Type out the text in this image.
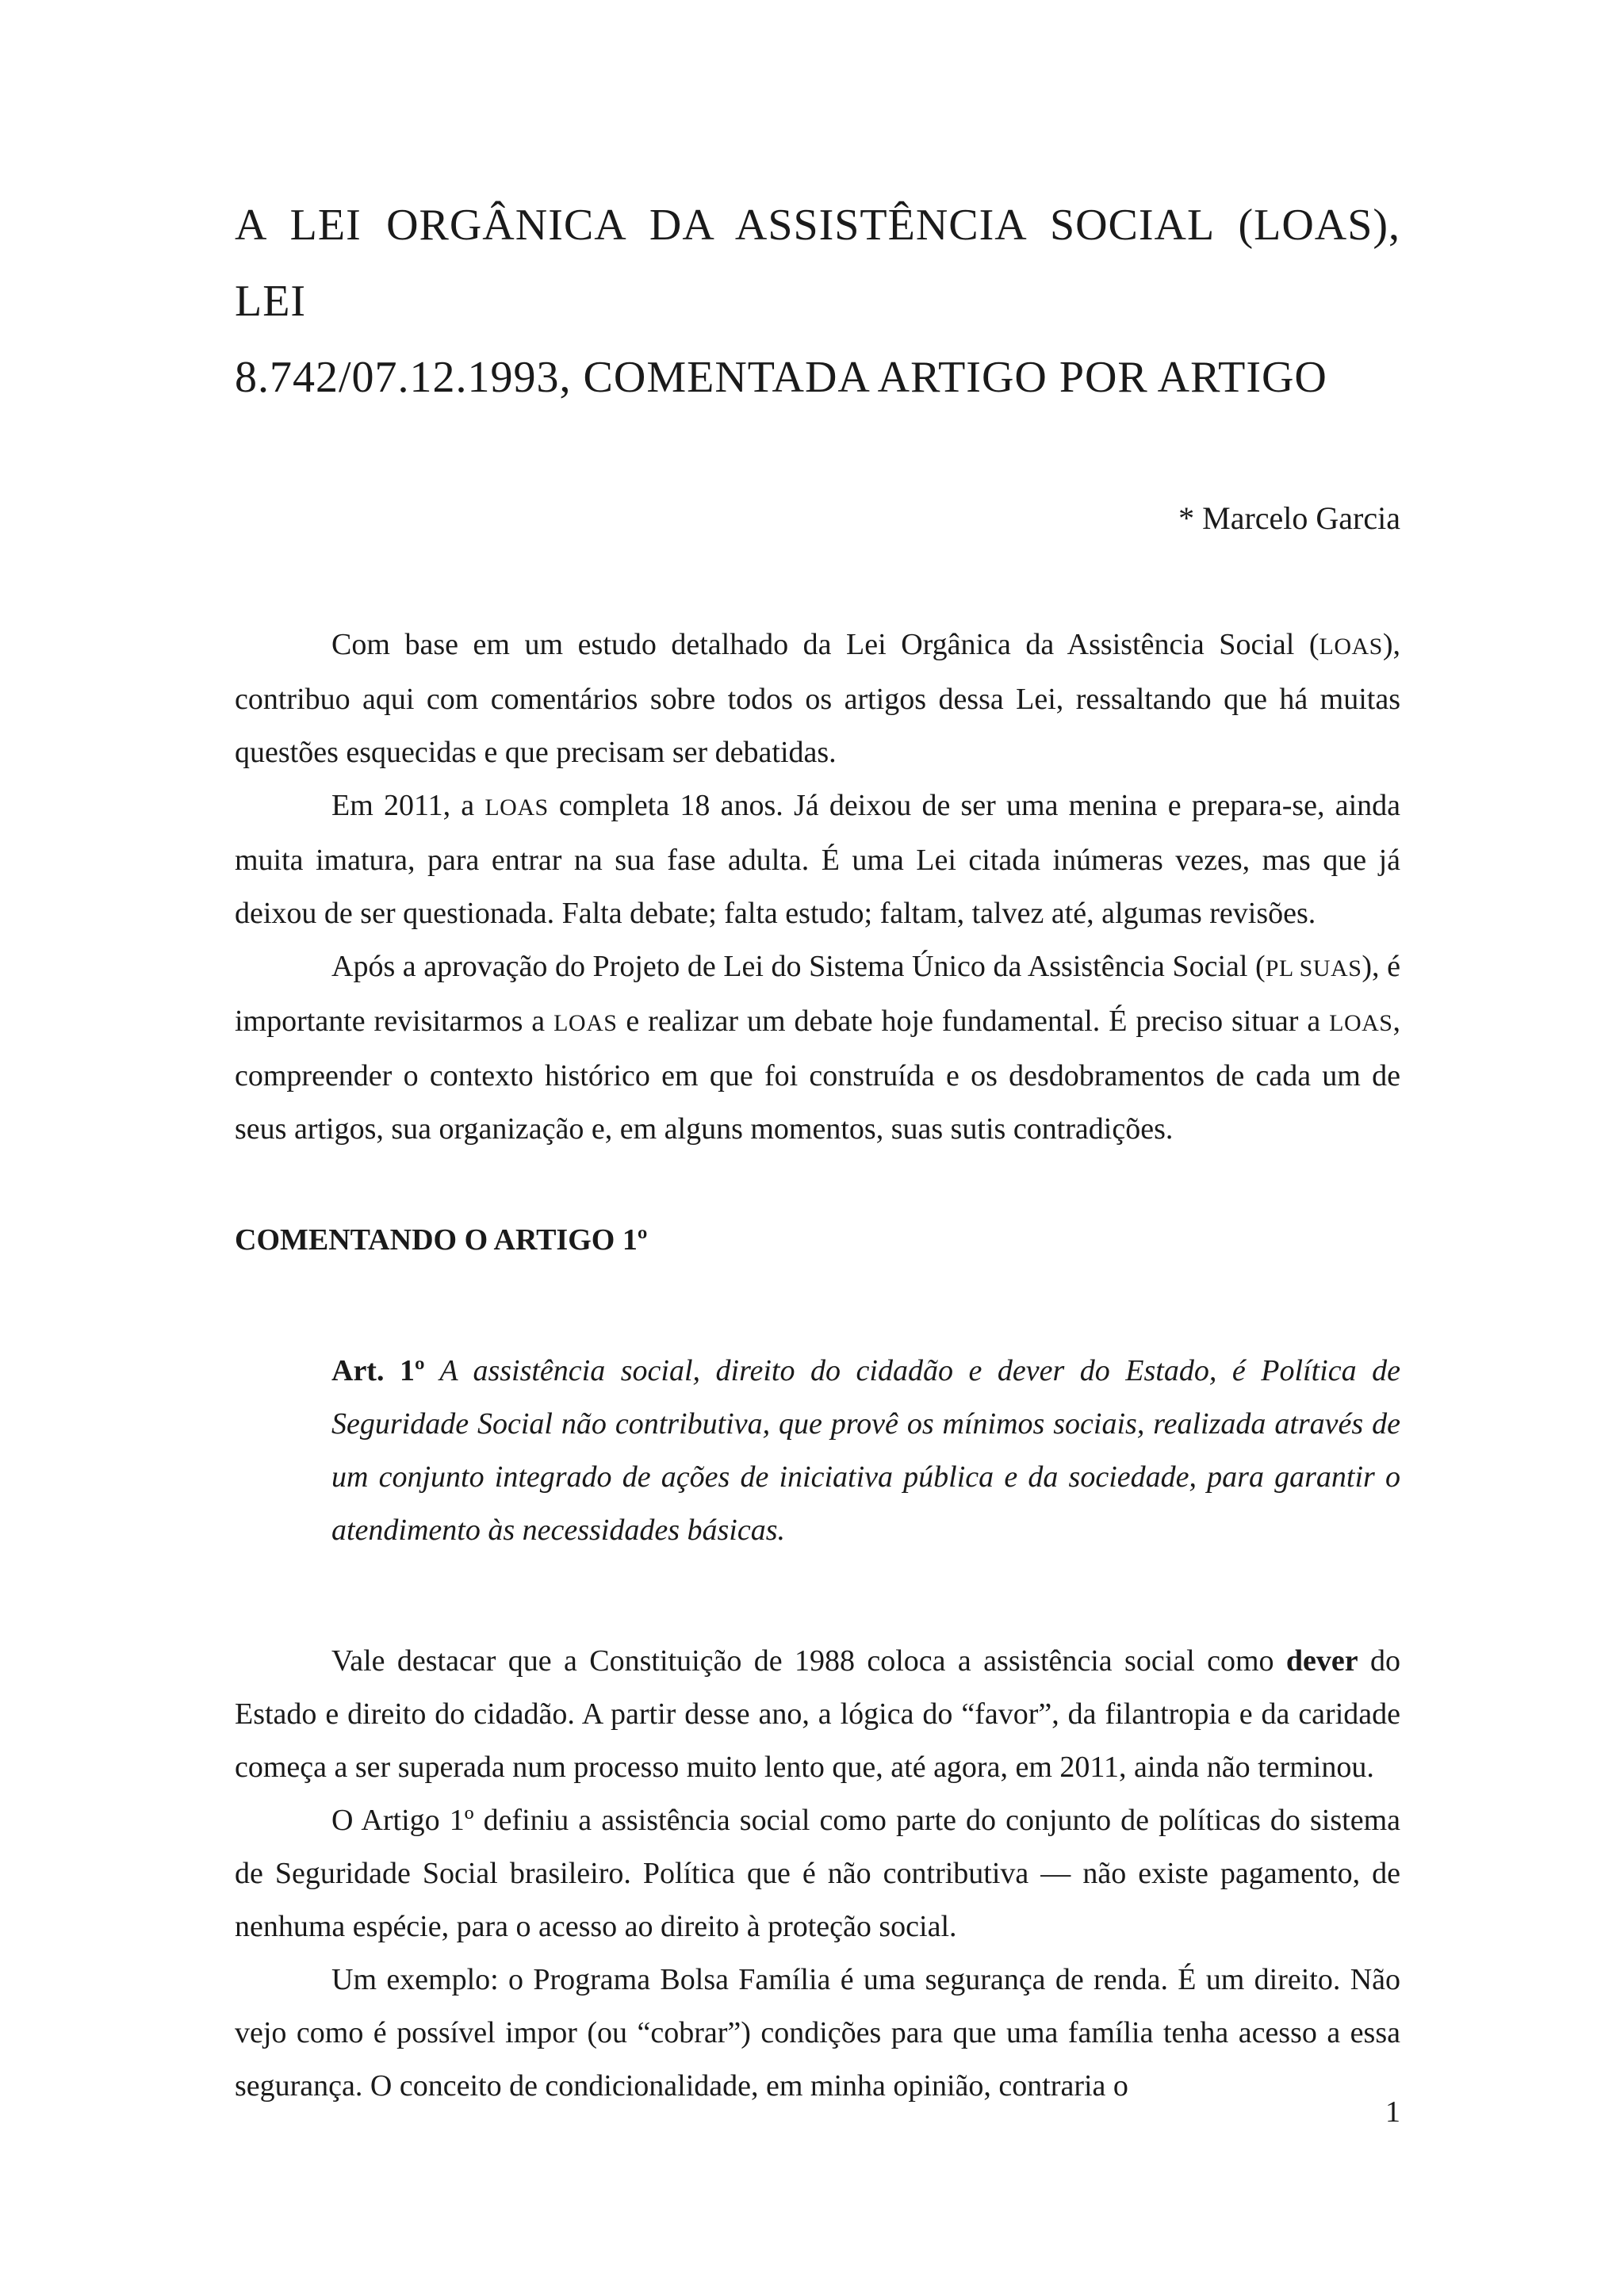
A LEI ORGÂNICA DA ASSISTÊNCIA SOCIAL (LOAS), LEI
8.742/07.12.1993, COMENTADA ARTIGO POR ARTIGO

* Marcelo Garcia

Com base em um estudo detalhado da Lei Orgânica da Assistência Social (LOAS), contribuo aqui com comentários sobre todos os artigos dessa Lei, ressaltando que há muitas questões esquecidas e que precisam ser debatidas.

Em 2011, a LOAS completa 18 anos. Já deixou de ser uma menina e prepara-se, ainda muita imatura, para entrar na sua fase adulta. É uma Lei citada inúmeras vezes, mas que já deixou de ser questionada. Falta debate; falta estudo; faltam, talvez até, algumas revisões.

Após a aprovação do Projeto de Lei do Sistema Único da Assistência Social (PL SUAS), é importante revisitarmos a LOAS e realizar um debate hoje fundamental. É preciso situar a LOAS, compreender o contexto histórico em que foi construída e os desdobramentos de cada um de seus artigos, sua organização e, em alguns momentos, suas sutis contradições.

COMENTANDO O ARTIGO 1º

Art. 1º A assistência social, direito do cidadão e dever do Estado, é Política de Seguridade Social não contributiva, que provê os mínimos sociais, realizada através de um conjunto integrado de ações de iniciativa pública e da sociedade, para garantir o atendimento às necessidades básicas.

Vale destacar que a Constituição de 1988 coloca a assistência social como dever do Estado e direito do cidadão. A partir desse ano, a lógica do “favor”, da filantropia e da caridade começa a ser superada num processo muito lento que, até agora, em 2011, ainda não terminou.

O Artigo 1º definiu a assistência social como parte do conjunto de políticas do sistema de Seguridade Social brasileiro. Política que é não contributiva — não existe pagamento, de nenhuma espécie, para o acesso ao direito à proteção social.

Um exemplo: o Programa Bolsa Família é uma segurança de renda. É um direito. Não vejo como é possível impor (ou “cobrar”) condições para que uma família tenha acesso a essa segurança. O conceito de condicionalidade, em minha opinião, contraria o

1
